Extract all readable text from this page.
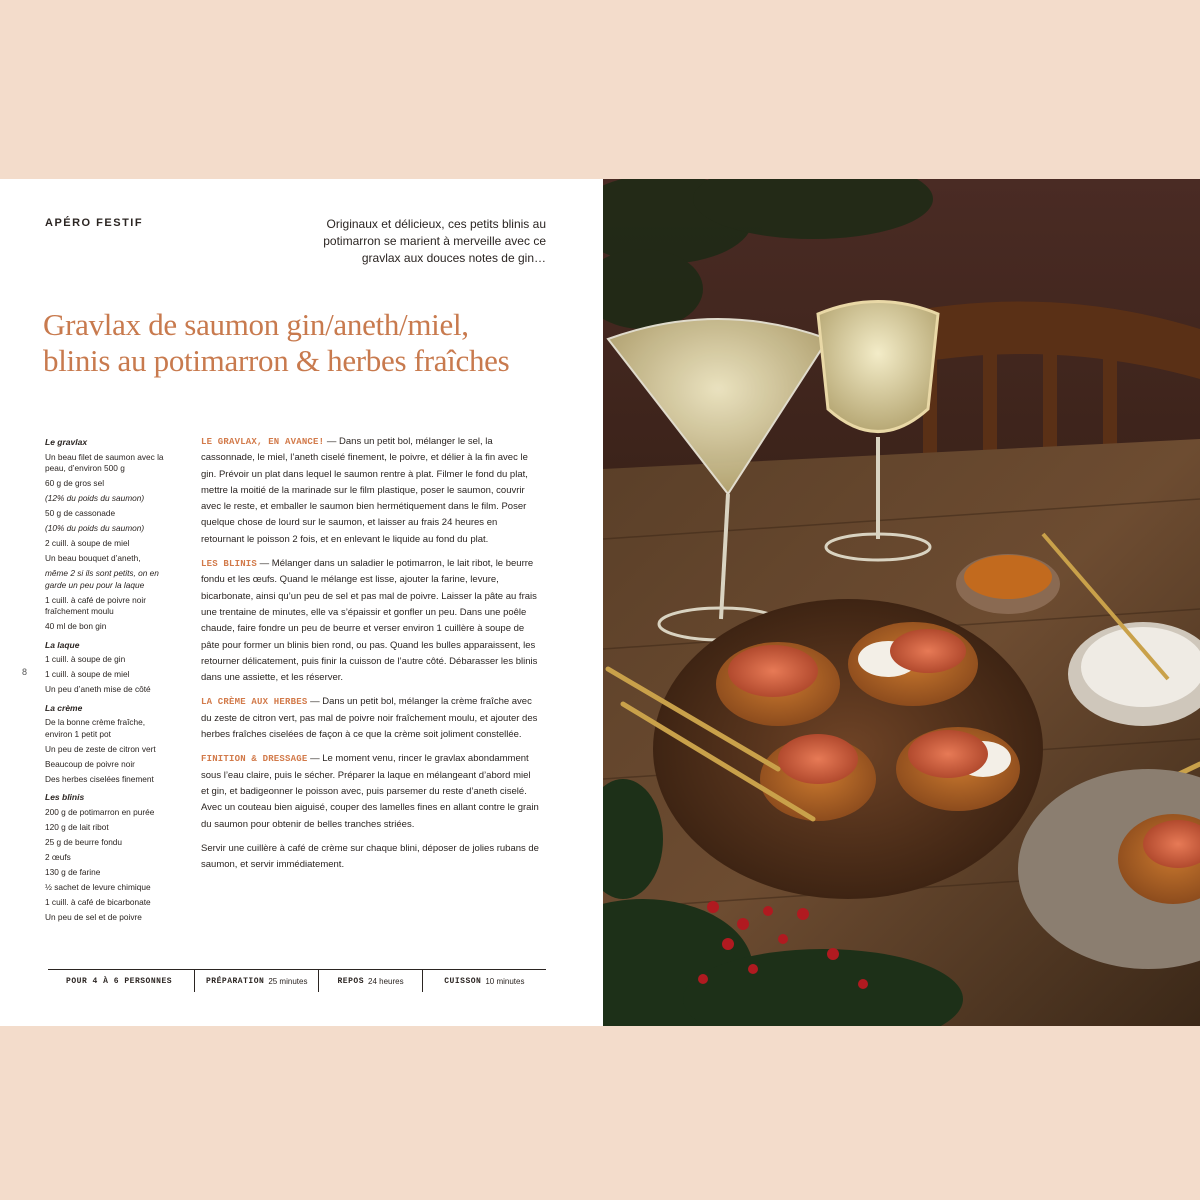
APÉRO FESTIF	Originaux et délicieux, ces petits blinis au potimarron se marient à merveille avec ce gravlax aux douces notes de gin…
Gravlax de saumon gin/aneth/miel,
blinis au potimarron & herbes fraîches
8
Le gravlax
Un beau filet de saumon avec la peau, d’environ 500 g
60 g de gros sel
(12% du poids du saumon)
50 g de cassonade
(10% du poids du saumon)
2 cuill. à soupe de miel
Un beau bouquet d’aneth,
même 2 si ils sont petits, on en garde un peu pour la laque
1 cuill. à café de poivre noir fraîchement moulu
40 ml de bon gin
La laque
1 cuill. à soupe de gin
1 cuill. à soupe de miel
Un peu d’aneth mise de côté
La crème
De la bonne crème fraîche, environ 1 petit pot
Un peu de zeste de citron vert
Beaucoup de poivre noir
Des herbes ciselées finement
Les blinis
200 g de potimarron en purée
120 g de lait ribot
25 g de beurre fondu
2 œufs
130 g de farine
½ sachet de levure chimique
1 cuill. à café de bicarbonate
Un peu de sel et de poivre
LE GRAVLAX, EN AVANCE! — Dans un petit bol, mélanger le sel, la cassonnade, le miel, l’aneth ciselé finement, le poivre, et délier à la fin avec le gin. Prévoir un plat dans lequel le saumon rentre à plat. Filmer le fond du plat, mettre la moitié de la marinade sur le film plastique, poser le saumon, couvrir avec le reste, et emballer le saumon bien hermétiquement dans le film. Poser quelque chose de lourd sur le saumon, et laisser au frais 24 heures en retournant le poisson 2 fois, et en enlevant le liquide au fond du plat.
LES BLINIS — Mélanger dans un saladier le potimarron, le lait ribot, le beurre fondu et les œufs. Quand le mélange est lisse, ajouter la farine, levure, bicarbonate, ainsi qu’un peu de sel et pas mal de poivre. Laisser la pâte au frais une trentaine de minutes, elle va s’épaissir et gonfler un peu. Dans une poêle chaude, faire fondre un peu de beurre et verser environ 1 cuillère à soupe de pâte pour former un blinis bien rond, ou pas. Quand les bulles apparaissent, les retourner délicatement, puis finir la cuisson de l’autre côté. Débarasser les blinis dans une assiette, et les réserver.
LA CRÈME AUX HERBES — Dans un petit bol, mélanger la crème fraîche avec du zeste de citron vert, pas mal de poivre noir fraîchement moulu, et ajouter des herbes fraîches ciselées de façon à ce que la crème soit joliment constellée.
FINITION & DRESSAGE — Le moment venu, rincer le gravlax abondamment sous l’eau claire, puis le sécher. Préparer la laque en mélangeant d’abord miel et gin, et badigeonner le poisson avec, puis parsemer du reste d’aneth ciselé. Avec un couteau bien aiguisé, couper des lamelles fines en allant contre le grain du saumon pour obtenir de belles tranches striées.
Servir une cuillère à café de crème sur chaque blini, déposer de jolies rubans de saumon, et servir immédiatement.
POUR 4 À 6 PERSONNES	PRÉPARATION 25 minutes	REPOS 24 heures	CUISSON 10 minutes
